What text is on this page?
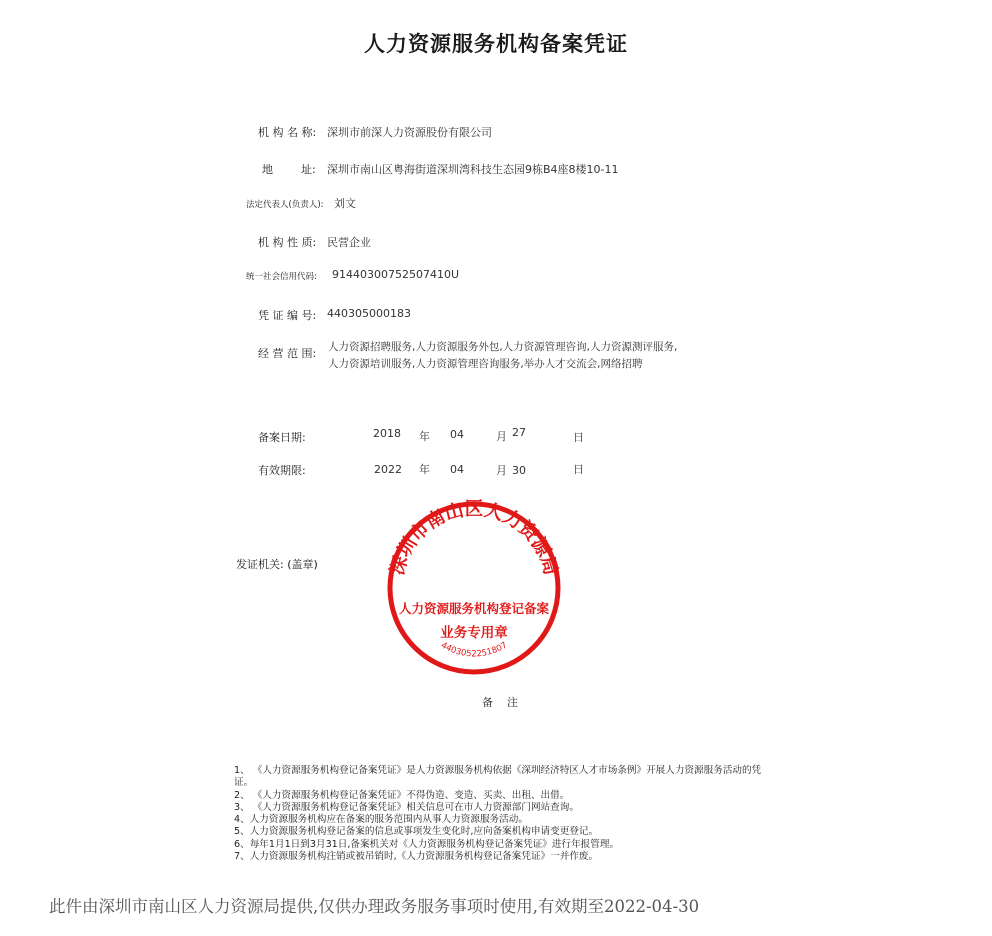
人力资源服务机构备案凭证
机 构 名 称: 深圳市前深人力资源股份有限公司
地        址: 深圳市南山区粤海街道深圳湾科技生态园9栋B4座8楼10-11
法定代表人(负责人): 刘文
机 构 性 质: 民营企业
统一社会信用代码: 91440300752507410U
凭 证 编 号: 440305000183
经 营 范 围: 人力资源招聘服务,人力资源服务外包,人力资源管理咨询,人力资源测评服务,
人力资源培训服务,人力资源管理咨询服务,举办人才交流会,网络招聘
备案日期:	2018 年 04	月 27	日
有效期限:	2022 年 04	月 30	日
发证机关: (盖章)	深圳市南山区人力资源局
人力资源服务机构登记备案
业务专用章
4403052251807
备注

1、 《人力资源服务机构登记备案凭证》是人力资源服务机构依据《深圳经济特区人才市场条例》开展人力资源服务活动的凭证。

2、 《人力资源服务机构登记备案凭证》不得伪造、变造、买卖、出租、出借。

3、 《人力资源服务机构登记备案凭证》相关信息可在市人力资源部门网站查询。

4、人力资源服务机构应在备案的服务范围内从事人力资源服务活动。

5、人力资源服务机构登记备案的信息或事项发生变化时,应向备案机构申请变更登记。

6、每年1月1日到3月31日,备案机关对《人力资源服务机构登记备案凭证》进行年报管理。

7、人力资源服务机构注销或被吊销时,《人力资源服务机构登记备案凭证》一并作废。

此件由深圳市南山区人力资源局提供,仅供办理政务服务事项时使用,有效期至2022-04-30
